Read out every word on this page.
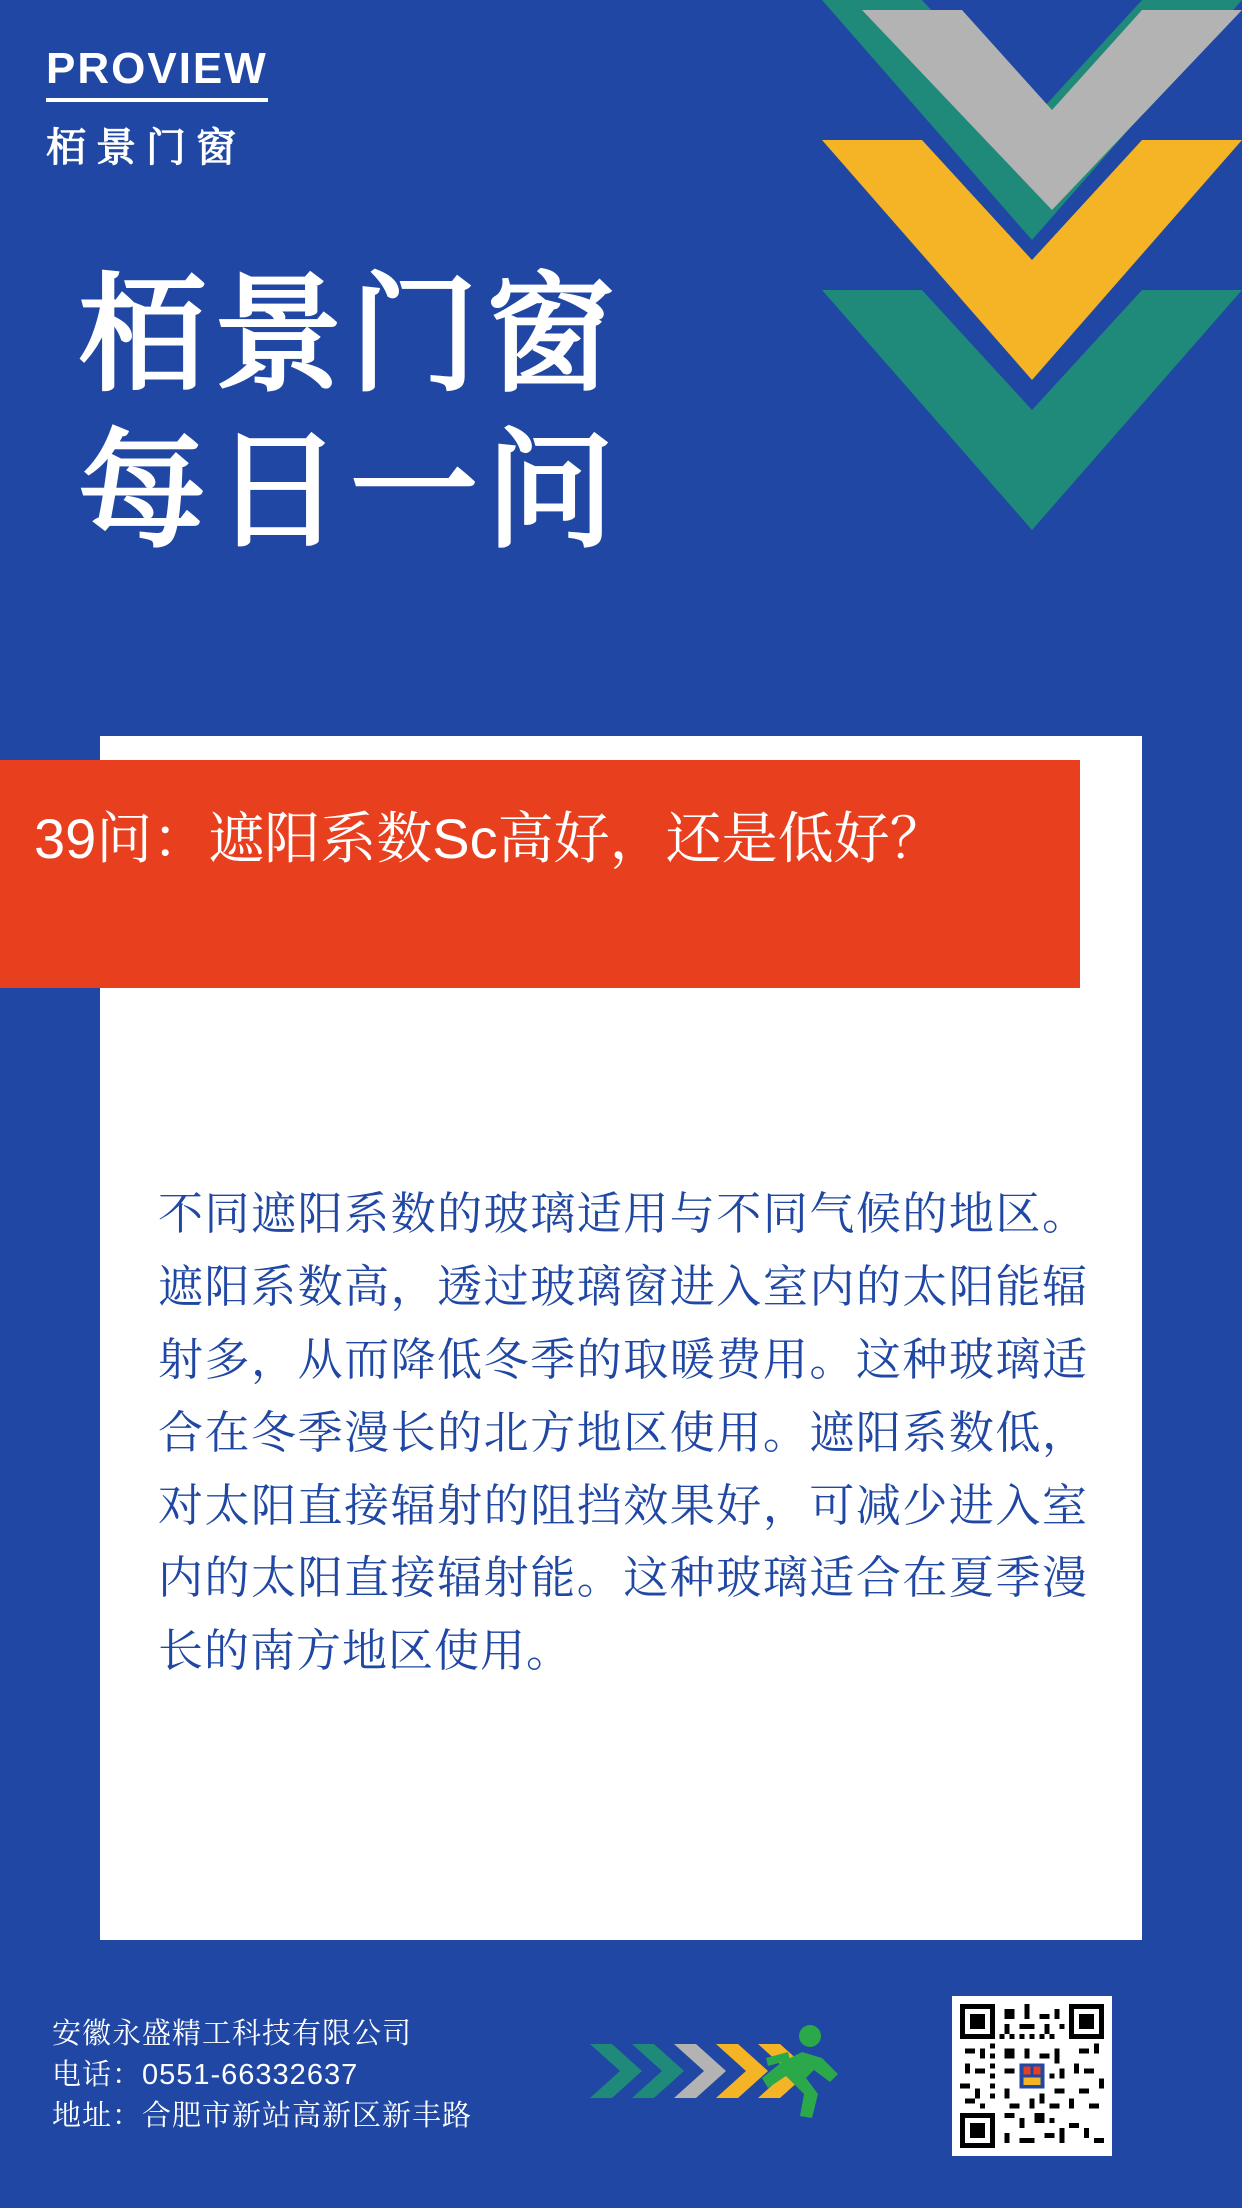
PROVIEW
栢景门窗
栢景门窗
每日一问
39问：遮阳系数Sc高好，还是低好？
不同遮阳系数的玻璃适用与不同气候的地区。遮阳系数高，透过玻璃窗进入室内的太阳能辐射多，从而降低冬季的取暖费用。这种玻璃适合在冬季漫长的北方地区使用。遮阳系数低，对太阳直接辐射的阻挡效果好，可减少进入室内的太阳直接辐射能。这种玻璃适合在夏季漫长的南方地区使用。
安徽永盛精工科技有限公司
电话：0551-66332637
地址：合肥市新站高新区新丰路
